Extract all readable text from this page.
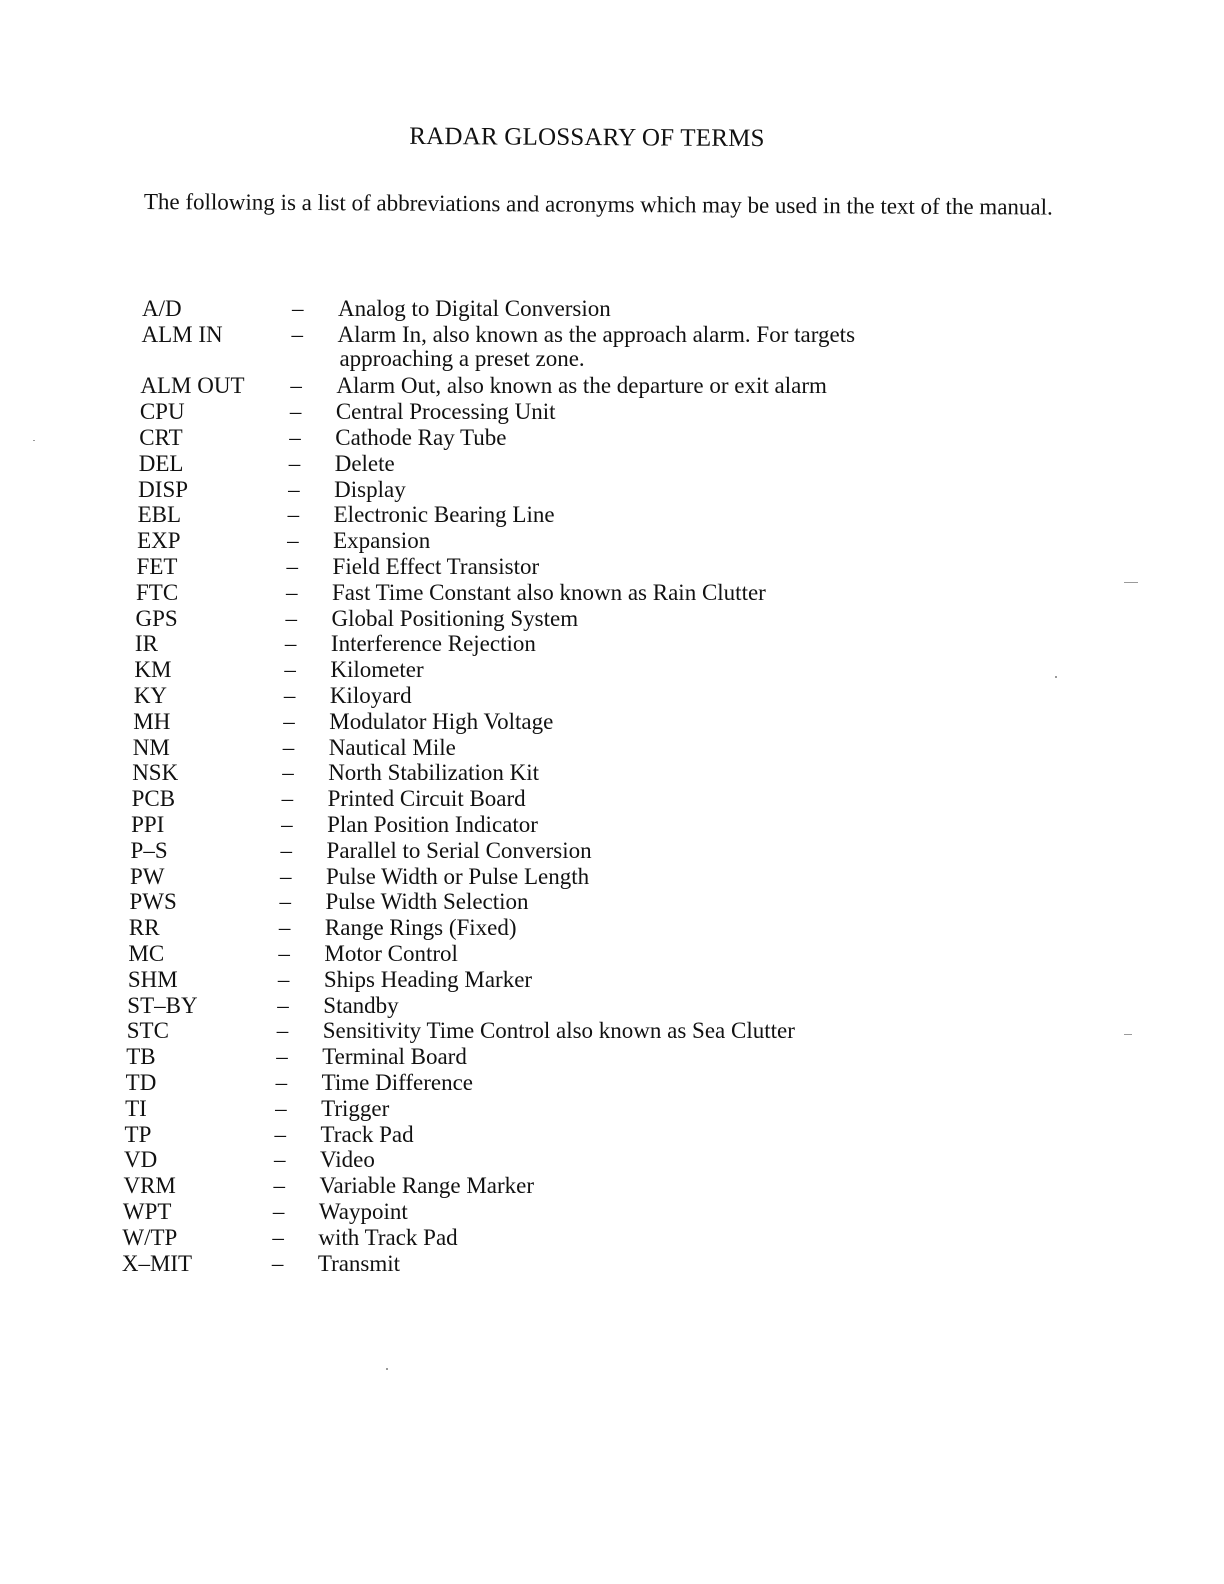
RADAR GLOSSARY OF TERMS
The following is a list of abbreviations and acronyms which may be used in the text of the manual.
A/D	– Analog to Digital Conversion
ALM IN	– Alarm In, also known as the approach alarm. For targets
approaching a preset zone.
ALM OUT	– Alarm Out, also known as the departure or exit alarm
CPU	– Central Processing Unit
CRT	– Cathode Ray Tube
DEL	– Delete
DISP	– Display
EBL	– Electronic Bearing Line
EXP	– Expansion
FET	– Field Effect Transistor
FTC	– Fast Time Constant also known as Rain Clutter
GPS	– Global Positioning System
IR	– Interference Rejection
KM	– Kilometer
KY	– Kiloyard
MH	– Modulator High Voltage
NM	– Nautical Mile
NSK	– North Stabilization Kit
PCB	– Printed Circuit Board
PPI	– Plan Position Indicator
P–S	– Parallel to Serial Conversion
PW	– Pulse Width or Pulse Length
PWS	– Pulse Width Selection
RR	– Range Rings (Fixed)
MC	– Motor Control
SHM	– Ships Heading Marker
ST–BY	– Standby
STC	– Sensitivity Time Control also known as Sea Clutter
TB	– Terminal Board
TD	– Time Difference
TI	– Trigger
TP	– Track Pad
VD	– Video
VRM	– Variable Range Marker
WPT	– Waypoint
W/TP	– with Track Pad
X–MIT	– Transmit
